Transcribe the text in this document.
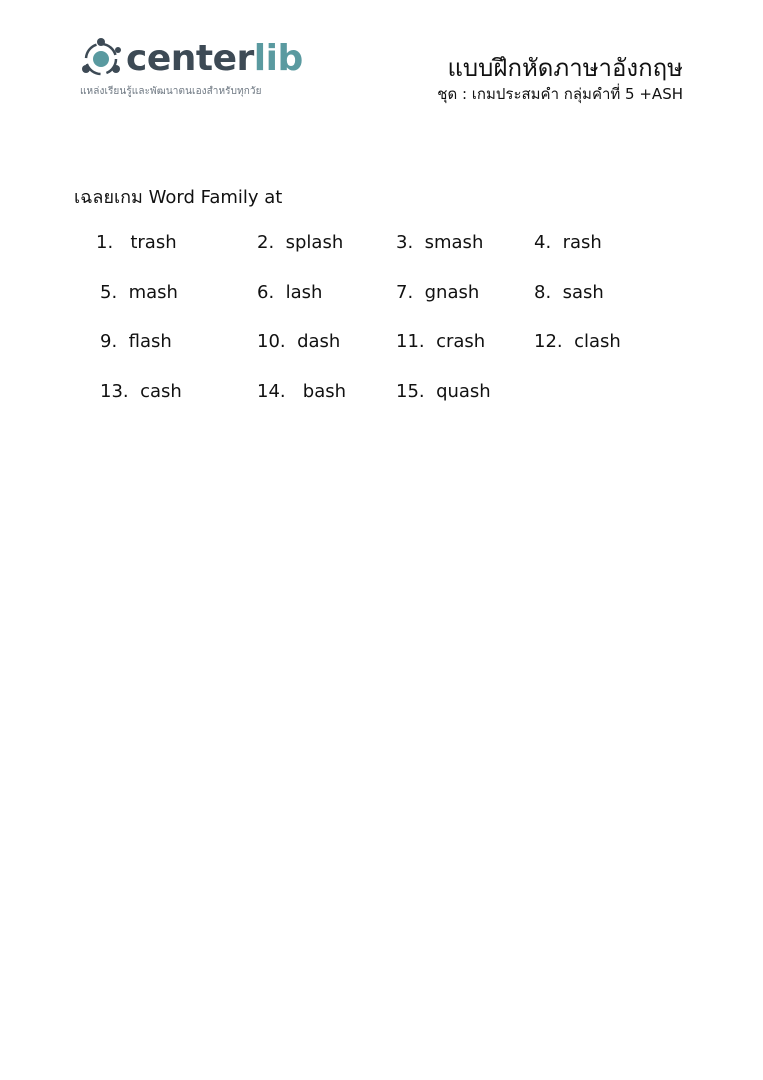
centerlib
แหล่งเรียนรู้และพัฒนาตนเองสำหรับทุกวัย
แบบฝึกหัดภาษาอังกฤษ
ชุด : เกมประสมคำ กลุ่มคำที่ 5 +ASH
เฉลยเกม Word Family at
1.   trash	2.  splash	3.  smash	4.  rash
5.  mash	6.  lash	7.  gnash	8.  sash
9.  flash	10.  dash	11.  crash	12.  clash
13.  cash	14.   bash	15.  quash
